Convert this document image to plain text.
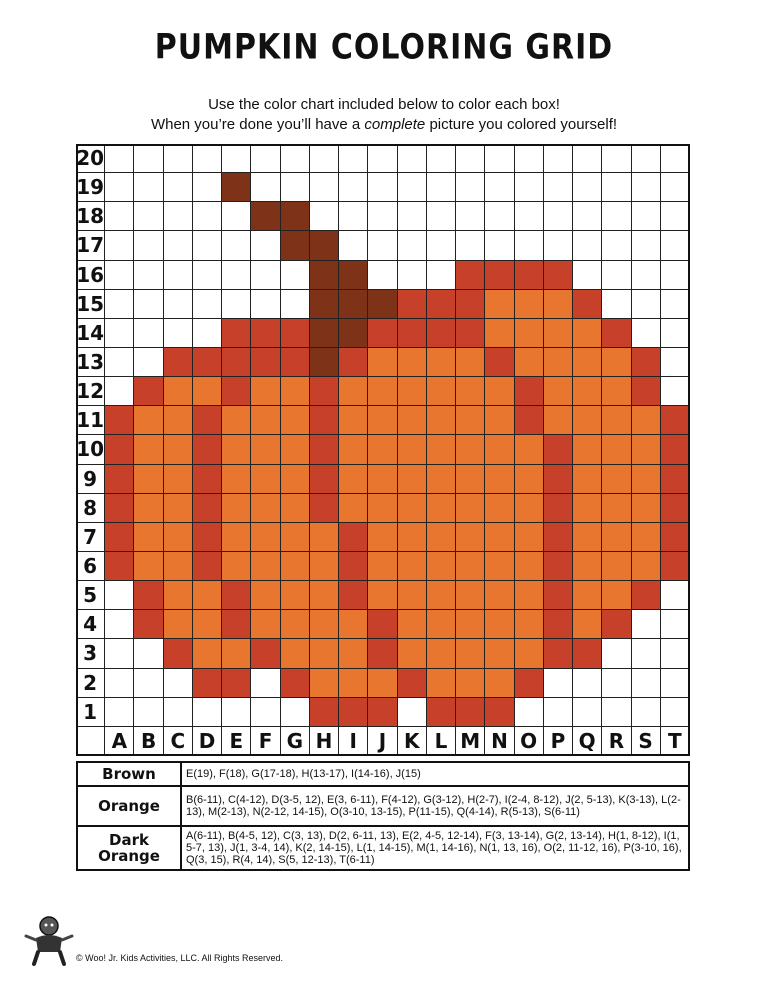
PUMPKIN COLORING GRID
Use the color chart included below to color each box!
When you’re done you’ll have a complete picture you colored yourself!
20
19
18
17
16
15
14
13
12
11
10
9
8
7
6
5
4
3
2
1
A B C D E F G H I	J K L M N O P Q R S T
Brown	E(19), F(18), G(17-18), H(13-17), I(14-16), J(15)
Orange	B(6-11), C(4-12), D(3-5, 12), E(3, 6-11), F(4-12), G(3-12), H(2-7), I(2-4, 8-12), J(2, 5-13), K(3-13), L(2-13), M(2-13), N(2-12, 14-15), O(3-10, 13-15), P(11-15), Q(4-14), R(5-13), S(6-11)
Dark Orange	A(6-11), B(4-5, 12), C(3, 13), D(2, 6-11, 13), E(2, 4-5, 12-14), F(3, 13-14), G(2, 13-14), H(1, 8-12), I(1, 5-7, 13), J(1, 3-4, 14), K(2, 14-15), L(1, 14-15), M(1, 14-16), N(1, 13, 16), O(2, 11-12, 16), P(3-10, 16), Q(3, 15), R(4, 14), S(5, 12-13), T(6-11)
© Woo! Jr. Kids Activities, LLC. All Rights Reserved.
